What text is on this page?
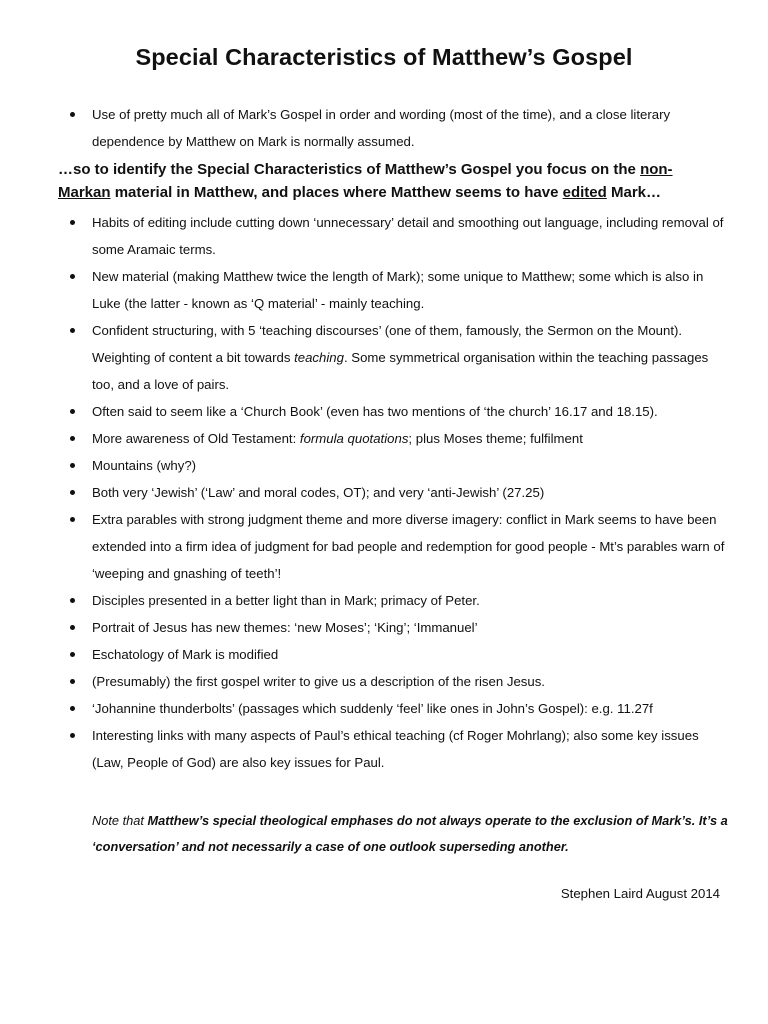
Special Characteristics of Matthew’s Gospel
Use of pretty much all of Mark’s Gospel in order and wording (most of the time), and a close literary dependence by Matthew on Mark is normally assumed.
…so to identify the Special Characteristics of Matthew’s Gospel you focus on the non-Markan material in Matthew, and places where Matthew seems to have edited Mark…
Habits of editing include cutting down ‘unnecessary’ detail and smoothing out language, including removal of some Aramaic terms.
New material (making Matthew twice the length of Mark); some unique to Matthew; some which is also in Luke (the latter - known as ‘Q material’ - mainly teaching.
Confident structuring, with 5 ‘teaching discourses’ (one of them, famously, the Sermon on the Mount). Weighting of content a bit towards teaching. Some symmetrical organisation within the teaching passages too, and a love of pairs.
Often said to seem like a ‘Church Book’ (even has two mentions of ‘the church’ 16.17 and 18.15).
More awareness of Old Testament: formula quotations; plus Moses theme; fulfilment
Mountains (why?)
Both very ‘Jewish’ (‘Law’ and moral codes, OT); and very ‘anti-Jewish’ (27.25)
Extra parables with strong judgment theme and more diverse imagery: conflict in Mark seems to have been extended into a firm idea of judgment for bad people and redemption for good people - Mt’s parables warn of ‘weeping and gnashing of teeth’!
Disciples presented in a better light than in Mark; primacy of Peter.
Portrait of Jesus has new themes: ‘new Moses’; ‘King’; ‘Immanuel’
Eschatology of Mark is modified
(Presumably) the first gospel writer to give us a description of the risen Jesus.
‘Johannine thunderbolts’ (passages which suddenly ‘feel’ like ones in John’s Gospel): e.g. 11.27f
Interesting links with many aspects of Paul’s ethical teaching (cf Roger Mohrlang); also some key issues (Law, People of God) are also key issues for Paul.
Note that Matthew’s special theological emphases do not always operate to the exclusion of Mark’s. It’s a ‘conversation’ and not necessarily a case of one outlook superseding another.
Stephen Laird August 2014
